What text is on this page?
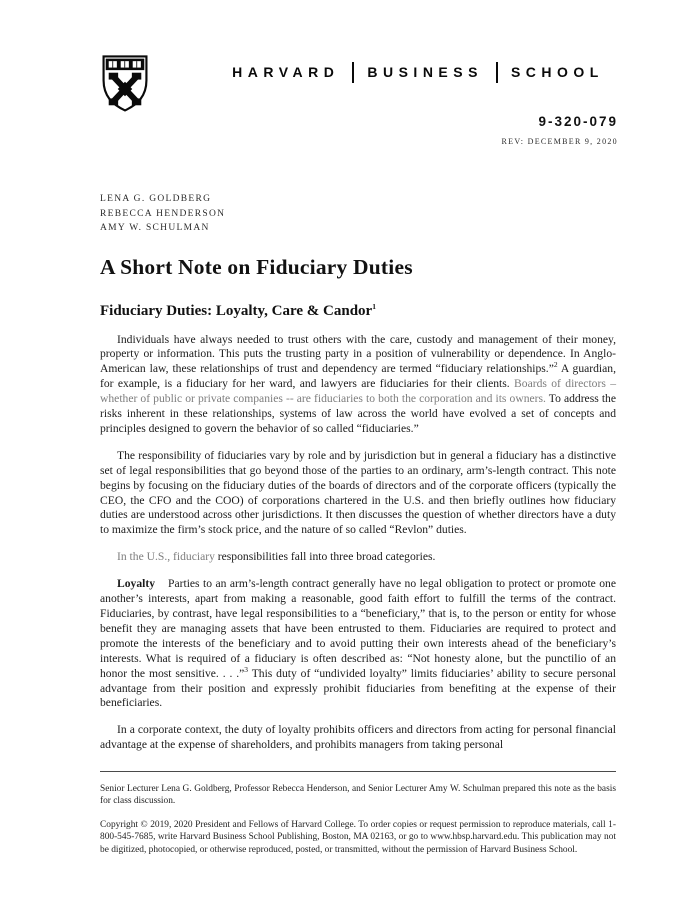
HARVARD BUSINESS SCHOOL
9-320-079
REV: DECEMBER 9, 2020
LENA G. GOLDBERG
REBECCA HENDERSON
AMY W. SCHULMAN
A Short Note on Fiduciary Duties
Fiduciary Duties: Loyalty, Care & Candor$^1$

Individuals have always needed to trust others with the care, custody and management of their money, property or information. This puts the trusting party in a position of vulnerability or dependence. In Anglo-American law, these relationships of trust and dependency are termed “fiduciary relationships.”$^2$ A guardian, for example, is a fiduciary for her ward, and lawyers are fiduciaries for their clients. Boards of directors – whether of public or private companies -- are fiduciaries to both the corporation and its owners. To address the risks inherent in these relationships, systems of law across the world have evolved a set of concepts and principles designed to govern the behavior of so called “fiduciaries.”

The responsibility of fiduciaries vary by role and by jurisdiction but in general a fiduciary has a distinctive set of legal responsibilities that go beyond those of the parties to an ordinary, arm’s-length contract. This note begins by focusing on the fiduciary duties of the boards of directors and of the corporate officers (typically the CEO, the CFO and the COO) of corporations chartered in the U.S. and then briefly outlines how fiduciary duties are understood across other jurisdictions. It then discusses the question of whether directors have a duty to maximize the firm’s stock price, and the nature of so called “Revlon” duties.

In the U.S., fiduciary responsibilities fall into three broad categories.

Loyalty Parties to an arm’s-length contract generally have no legal obligation to protect or promote one another’s interests, apart from making a reasonable, good faith effort to fulfill the terms of the contract. Fiduciaries, by contrast, have legal responsibilities to a “beneficiary,” that is, to the person or entity for whose benefit they are managing assets that have been entrusted to them. Fiduciaries are required to protect and promote the interests of the beneficiary and to avoid putting their own interests ahead of the beneficiary’s interests. What is required of a fiduciary is often described as: “Not honesty alone, but the punctilio of an honor the most sensitive. . . .”$^3$ This duty of “undivided loyalty” limits fiduciaries’ ability to secure personal advantage from their position and expressly prohibit fiduciaries from benefiting at the expense of their beneficiaries.

In a corporate context, the duty of loyalty prohibits officers and directors from acting for personal financial advantage at the expense of shareholders, and prohibits managers from taking personal

Senior Lecturer Lena G. Goldberg, Professor Rebecca Henderson, and Senior Lecturer Amy W. Schulman prepared this note as the basis for class discussion.

Copyright © 2019, 2020 President and Fellows of Harvard College. To order copies or request permission to reproduce materials, call 1-800-545-7685, write Harvard Business School Publishing, Boston, MA 02163, or go to www.hbsp.harvard.edu. This publication may not be digitized, photocopied, or otherwise reproduced, posted, or transmitted, without the permission of Harvard Business School.
